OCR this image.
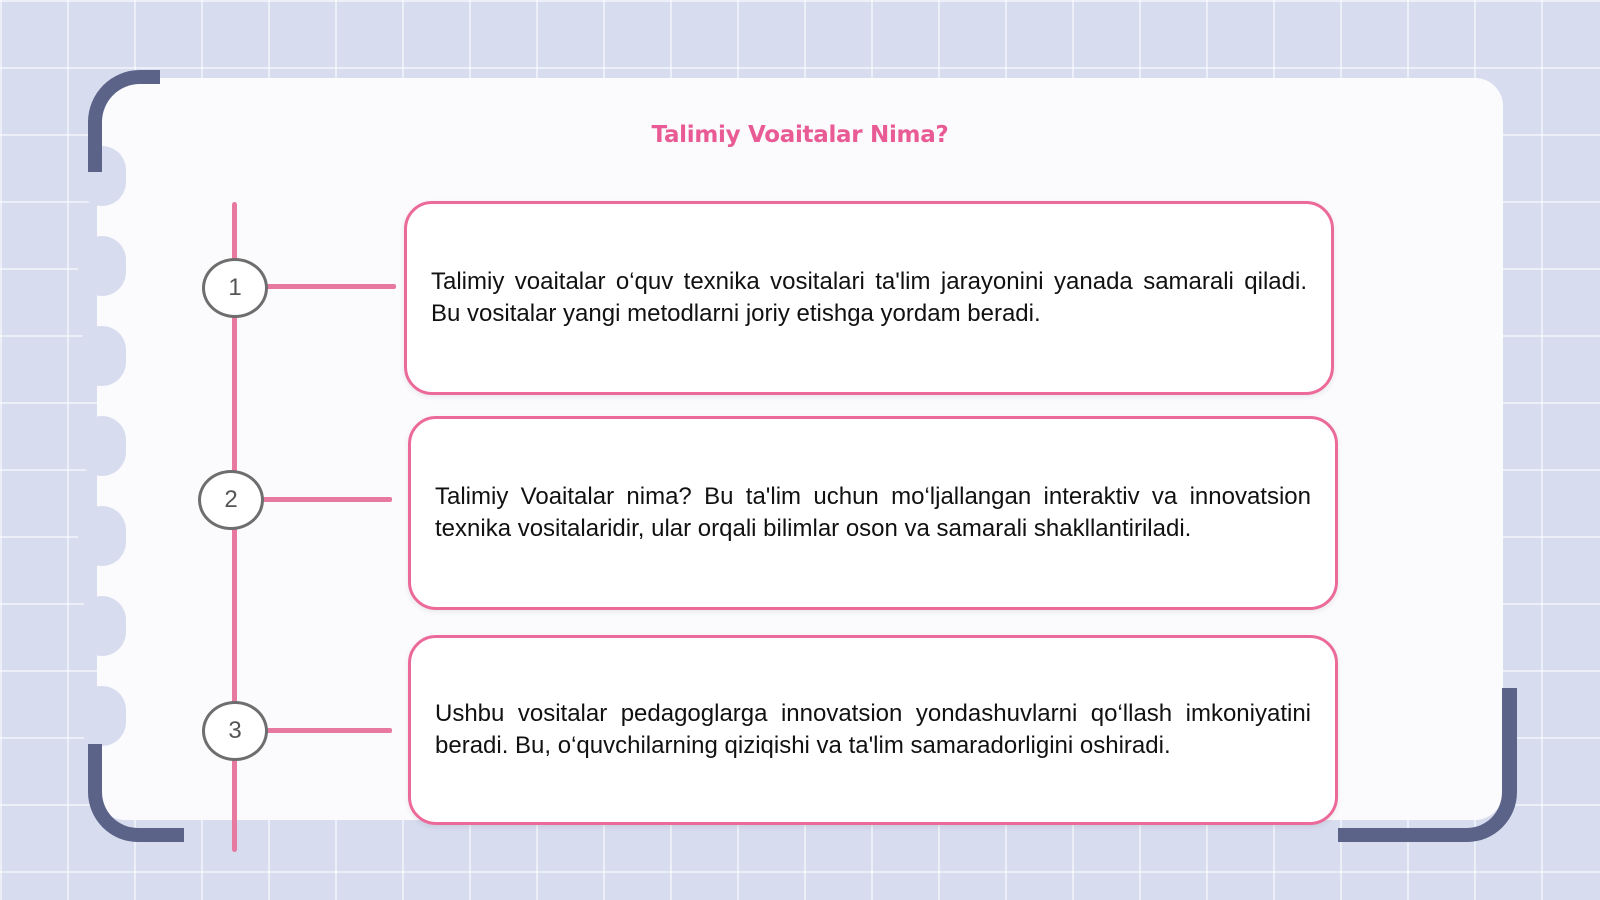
Talimiy Voaitalar Nima?
1
2
3

Talimiy voaitalar o‘quv texnika vositalari ta'lim jarayonini yanada samarali qiladi. Bu vositalar yangi metodlarni joriy etishga yordam beradi.

Talimiy Voaitalar nima? Bu ta'lim uchun mo‘ljallangan interaktiv va innovatsion texnika vositalaridir, ular orqali bilimlar oson va samarali shakllantiriladi.

Ushbu vositalar pedagoglarga innovatsion yondashuvlarni qo‘llash imkoniyatini beradi. Bu, o‘quvchilarning qiziqishi va ta'lim samaradorligini oshiradi.
